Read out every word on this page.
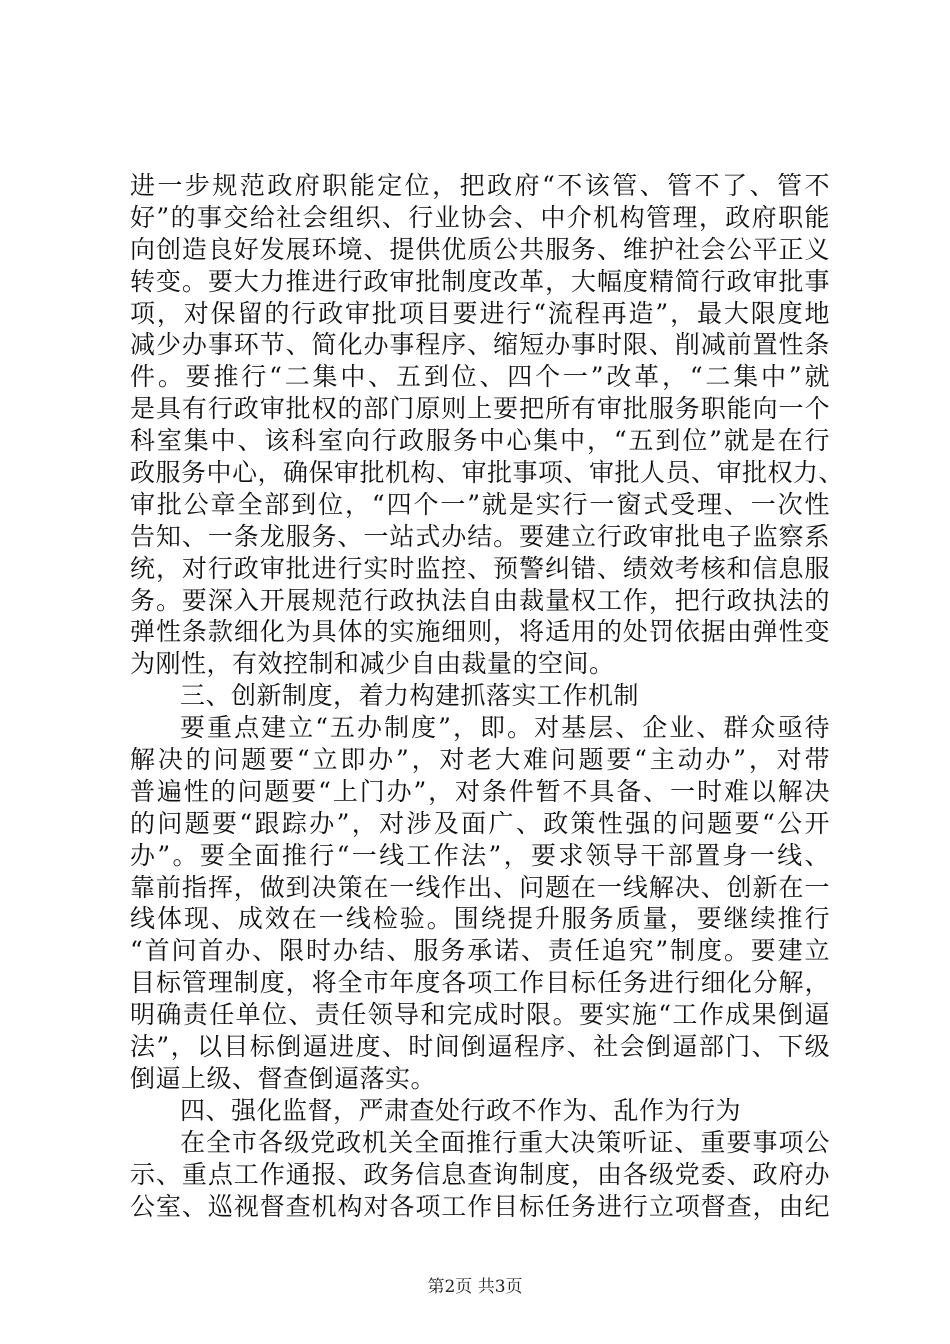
进一步规范政府职能定位，把政府“不该管、管不了、管不
好”的事交给社会组织、行业协会、中介机构管理，政府职能
向创造良好发展环境、提供优质公共服务、维护社会公平正义
转变。要大力推进行政审批制度改革，大幅度精简行政审批事
项，对保留的行政审批项目要进行“流程再造”，最大限度地
减少办事环节、简化办事程序、缩短办事时限、削减前置性条
件。要推行“二集中、五到位、四个一”改革，“二集中”就
是具有行政审批权的部门原则上要把所有审批服务职能向一个
科室集中、该科室向行政服务中心集中，“五到位”就是在行
政服务中心，确保审批机构、审批事项、审批人员、审批权力、
审批公章全部到位，“四个一”就是实行一窗式受理、一次性
告知、一条龙服务、一站式办结。要建立行政审批电子监察系
统，对行政审批进行实时监控、预警纠错、绩效考核和信息服
务。要深入开展规范行政执法自由裁量权工作，把行政执法的
弹性条款细化为具体的实施细则，将适用的处罚依据由弹性变
为刚性，有效控制和减少自由裁量的空间。
三、创新制度，着力构建抓落实工作机制
要重点建立“五办制度”，即。对基层、企业、群众亟待
解决的问题要“立即办”，对老大难问题要“主动办”，对带
普遍性的问题要“上门办”，对条件暂不具备、一时难以解决
的问题要“跟踪办”，对涉及面广、政策性强的问题要“公开
办”。要全面推行“一线工作法”，要求领导干部置身一线、
靠前指挥，做到决策在一线作出、问题在一线解决、创新在一
线体现、成效在一线检验。围绕提升服务质量，要继续推行
“首问首办、限时办结、服务承诺、责任追究”制度。要建立
目标管理制度，将全市年度各项工作目标任务进行细化分解，
明确责任单位、责任领导和完成时限。要实施“工作成果倒逼
法”，以目标倒逼进度、时间倒逼程序、社会倒逼部门、下级
倒逼上级、督查倒逼落实。
四、强化监督，严肃查处行政不作为、乱作为行为
在全市各级党政机关全面推行重大决策听证、重要事项公
示、重点工作通报、政务信息查询制度，由各级党委、政府办
公室、巡视督查机构对各项工作目标任务进行立项督查，由纪
第2页 共3页
